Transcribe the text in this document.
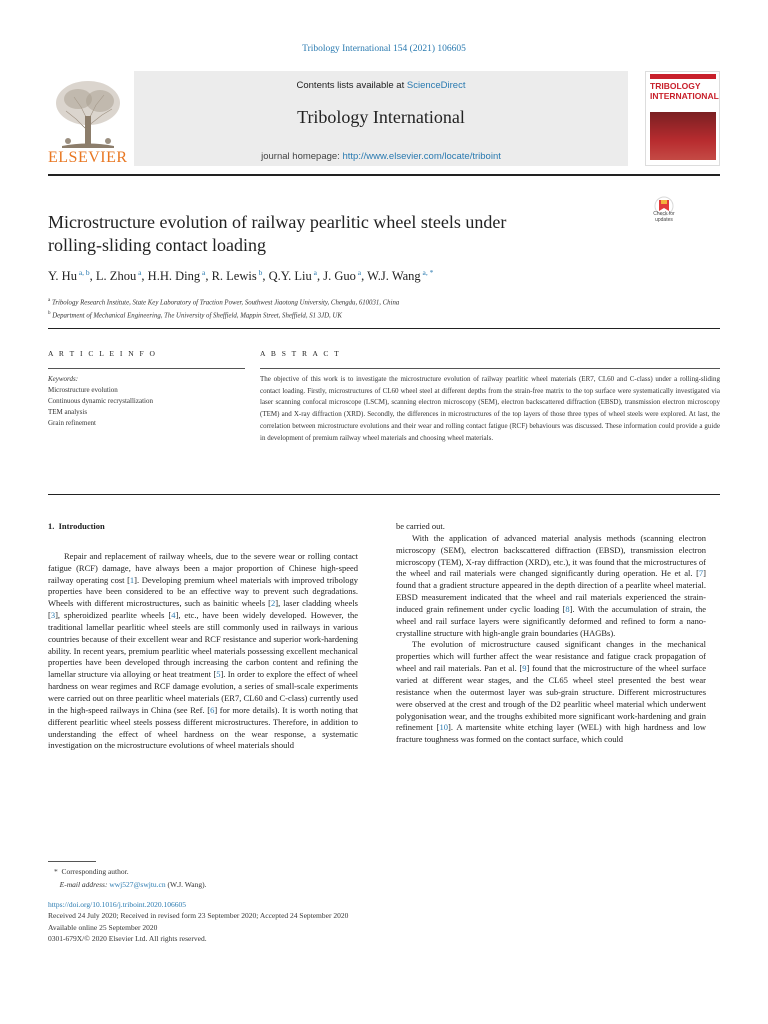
Tribology International 154 (2021) 106605
ELSEVIER
Contents lists available at ScienceDirect
Tribology International
journal homepage: http://www.elsevier.com/locate/triboint
TRIBOLOGY
INTERNATIONAL
Microstructure evolution of railway pearlitic wheel steels under
rolling-sliding contact loading
Check for
updates
Y. Hu $^{a, b}$, L. Zhou $^a$, H.H. Ding $^a$, R. Lewis $^b$, Q.Y. Liu $^a$, J. Guo $^a$, W.J. Wang $^{a, *}$
$^a$ Tribology Research Institute, State Key Laboratory of Traction Power, Southwest Jiaotong University, Chengdu, 610031, China
$^b$ Department of Mechanical Engineering, The University of Sheffield, Mappin Street, Sheffield, S1 3JD, UK
A R T I C L E I N F O	A B S T R A C T
Keywords:
Microstructure evolution
Continuous dynamic recrystallization
TEM analysis
Grain refinement
The objective of this work is to investigate the microstructure evolution of railway pearlitic wheel materials (ER7, CL60 and C-class) under a rolling-sliding contact loading. Firstly, microstructures of CL60 wheel steel at different depths from the strain-free matrix to the top surface were systematically investigated via laser scanning confocal microscope (LSCM), scanning electron microscopy (SEM), electron backscattered diffraction (EBSD), transmission electron microscopy (TEM) and X-ray diffraction (XRD). Secondly, the differences in microstructures of the top layers of those three types of wheel steels were explored. At last, the correlation between microstructure evolutions and their wear and rolling contact fatigue (RCF) behaviours was discussed. These information could provide a guide in development of premium railway wheel materials and choosing wheel materials.
1. Introduction

Repair and replacement of railway wheels, due to the severe wear or rolling contact fatigue (RCF) damage, have always been a major proportion of Chinese high-speed railway operating cost [1]. Developing premium wheel materials with improved tribology properties have been considered to be an effective way to prevent such degradations. Wheels with different microstructures, such as bainitic wheels [2], laser cladding wheels [3], spheroidized pearlite wheels [4], etc., have been widely developed. However, the traditional lamellar pearlitic wheel steels are still commonly used in railways in various countries because of their excellent wear and RCF resistance and superior work-hardening ability. In recent years, premium pearlitic wheel materials possessing excellent mechanical properties have been developed through increasing the carbon content and refining the lamellar structure via alloying or heat treatment [5]. In order to explore the effect of wheel hardness on wear regimes and RCF damage evolution, a series of small-scale experiments were carried out on three pearlitic wheel materials (ER7, CL60 and C-class) currently used in the high-speed railways in China (see Ref. [6] for more details). It is worth noting that different pearlitic wheel steels possess different microstructures. Therefore, in addition to understanding the effect of wheel hardness on the wear response, a systematic investigation on the microstructure evolutions of wheel materials should

be carried out.

With the application of advanced material analysis methods (scanning electron microscopy (SEM), electron backscattered diffraction (EBSD), transmission electron microscopy (TEM), X-ray diffraction (XRD), etc.), it was found that the microstructures of the wheel and rail materials were changed significantly during operation. He et al. [7] found that a gradient structure appeared in the depth direction of a pearlite wheel material. EBSD measurement indicated that the wheel and rail materials experienced the strain-induced grain refinement under cyclic loading [8]. With the accumulation of strain, the wheel and rail surface layers were significantly deformed and refined to form a nano-crystalline structure with high-angle grain boundaries (HAGBs).

The evolution of microstructure caused significant changes in the mechanical properties which will further affect the wear resistance and fatigue crack propagation of wheel and rail materials. Pan et al. [9] found that the microstructure of the wheel surface varied at different wear stages, and the CL65 wheel steel presented the best wear resistance when the outermost layer was sub-grain structure. Different microstructures were observed at the crest and trough of the D2 pearlitic wheel material which underwent polygonisation wear, and the troughs exhibited more significant work-hardening and grain refinement [10]. A martensite white etching layer (WEL) with high hardness and low fracture toughness was formed on the contact surface, which could

* Corresponding author.
E-mail address: wwj527@swjtu.cn (W.J. Wang).
https://doi.org/10.1016/j.triboint.2020.106605
Received 24 July 2020; Received in revised form 23 September 2020; Accepted 24 September 2020
Available online 25 September 2020
0301-679X/© 2020 Elsevier Ltd. All rights reserved.
